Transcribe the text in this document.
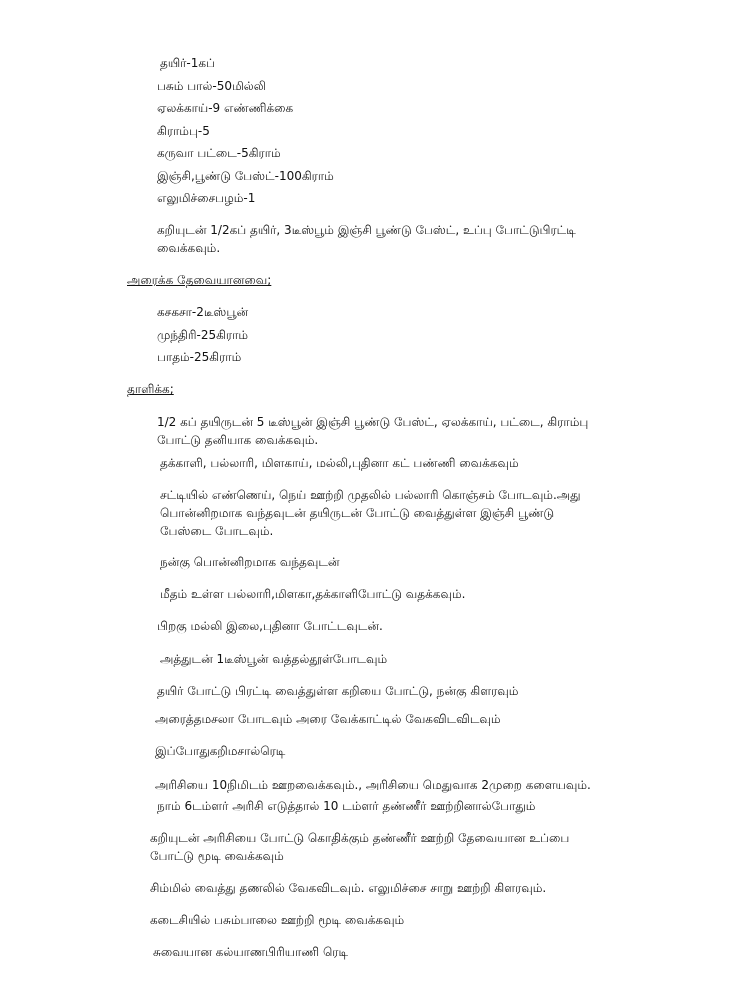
தயிர்-1கப்
பசும் பால்-50மில்லி
ஏலக்காய்-9 எண்ணிக்கை
கிராம்பு-5
கருவா பட்டை-5கிராம்
இஞ்சி,பூண்டு பேஸ்ட்-100கிராம்
எலுமிச்சைபழம்-1
கறியுடன் 1/2கப் தயிர், 3டீஸ்பூம் இஞ்சி பூண்டு பேஸ்ட், உப்பு போட்டுபிரட்டி வைக்கவும்.
அரைக்க தேவையானவை;
கசகசா-2டீஸ்பூன்
முந்திரி-25கிராம்
பாதம்-25கிராம்
தாளிக்க;
1/2 கப் தயிருடன் 5 டீஸ்பூன் இஞ்சி பூண்டு பேஸ்ட், ஏலக்காய், பட்டை, கிராம்பு போட்டு தனியாக வைக்கவும்.
தக்காளி, பல்லாரி, மிளகாய், மல்லி,புதினா கட் பண்ணி வைக்கவும்
சட்டியில் எண்ணெய், நெய் ஊற்றி முதலில் பல்லாரி கொஞ்சம் போடவும்.அது பொன்னிறமாக வந்தவுடன் தயிருடன் போட்டு வைத்துள்ள இஞ்சி பூண்டு பேஸ்டை போடவும்.
நன்கு பொன்னிறமாக வந்தவுடன்
மீதம் உள்ள பல்லாரி,மிளகா,தக்காளிபோட்டு வதக்கவும்.
பிறகு மல்லி இலை,புதினா போட்டவுடன்.
அத்துடன் 1டீஸ்பூன் வத்தல்தூள்போடவும்
தயிர் போட்டு பிரட்டி வைத்துள்ள கறியை போட்டு, நன்கு கிளரவும்
அரைத்தமசலா போடவும் அரை வேக்காட்டில் வேகவிடவிடவும்
இப்போதுகறிமசால்ரெடி
அரிசியை 10நிமிடம் ஊறவைக்கவும்., அரிசியை மெதுவாக 2முறை களையவும்.
நாம் 6டம்ளர் அரிசி எடுத்தால் 10 டம்ளர் தண்ணீர் ஊற்றினால்போதும்
கறியுடன் அரிசியை போட்டு கொதிக்கும் தண்ணீர் ஊற்றி தேவையான உப்பை போட்டு மூடி வைக்கவும்
சிம்மில் வைத்து தணலில் வேகவிடவும். எலுமிச்சை சாறு ஊற்றி கிளரவும்.
கடைசியில் பசும்பாலை ஊற்றி மூடி வைக்கவும்
சுவையான கல்யாணபிரியாணி ரெடி
